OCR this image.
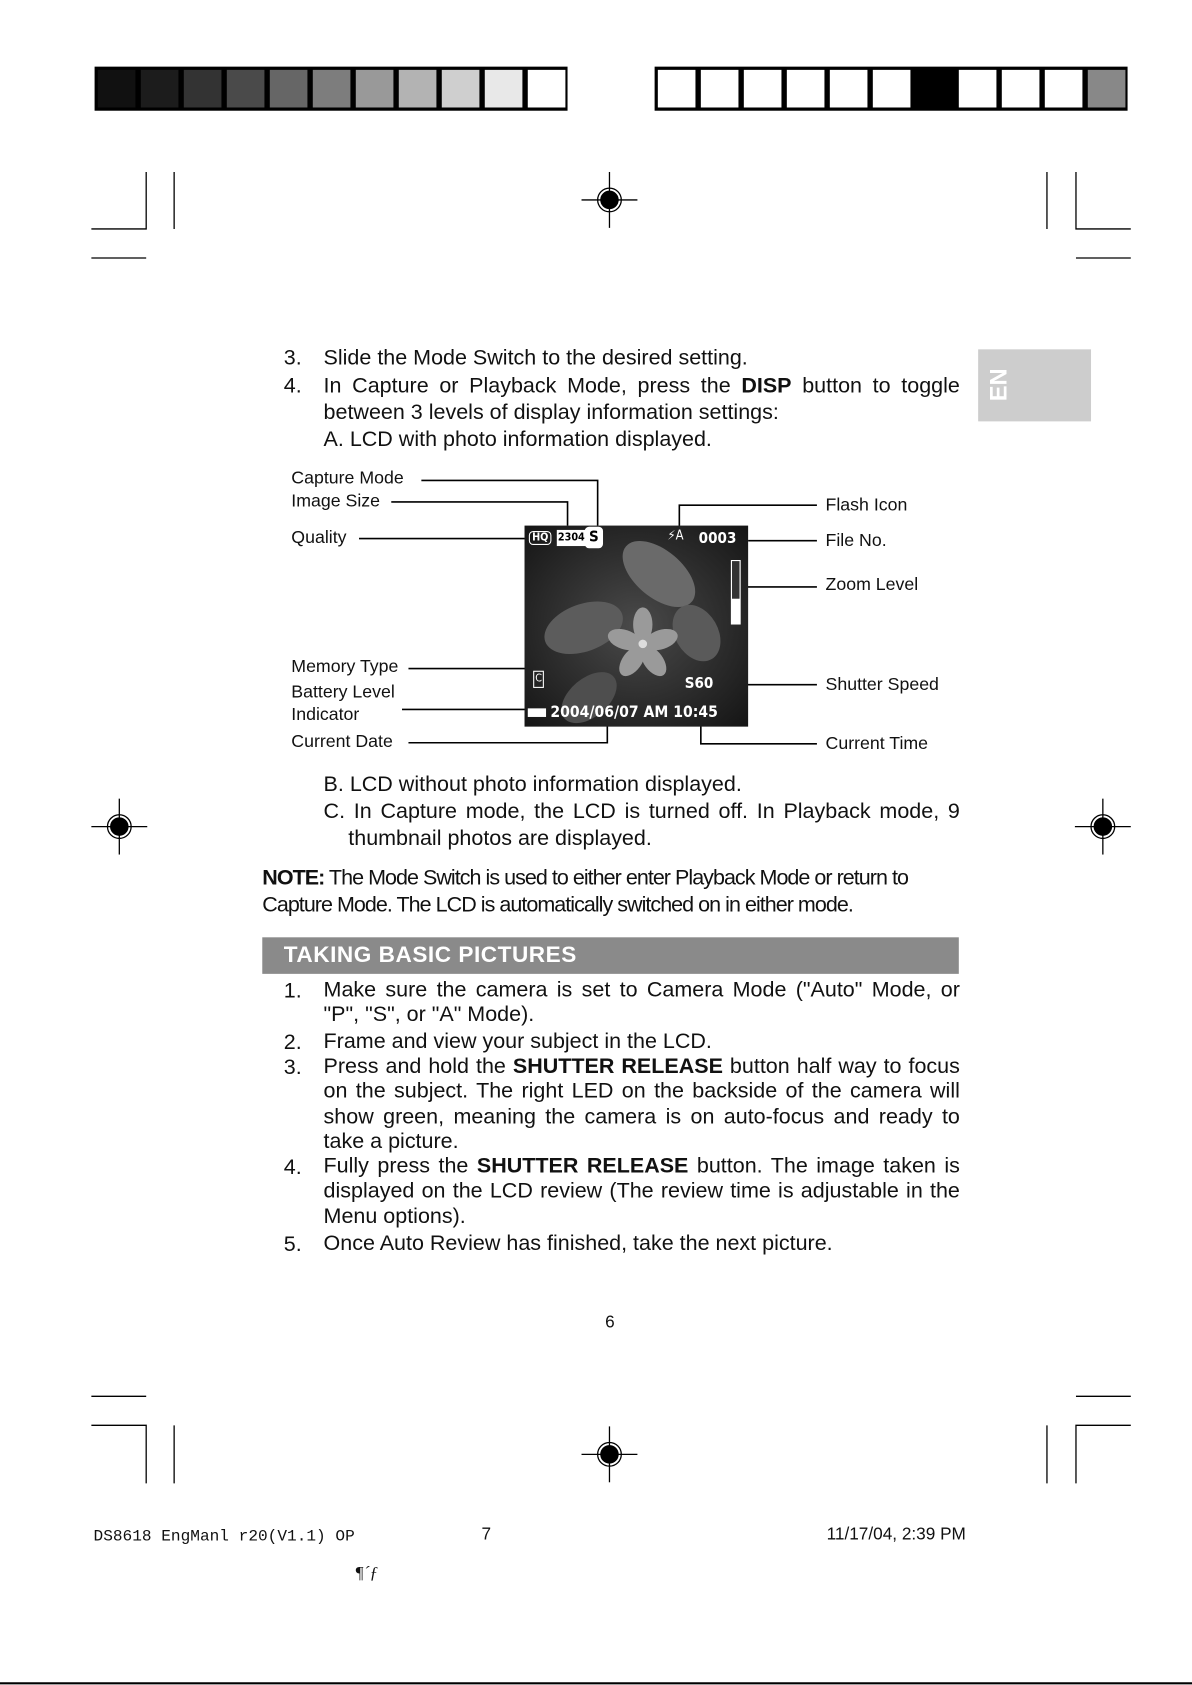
EN
3. Slide the Mode Switch to the desired setting.
4. In Capture or Playback Mode, press the DISP button to toggle between 3 levels of display information settings:
A. LCD with photo information displayed.
B. LCD without photo information displayed.
C. In Capture mode, the LCD is turned off. In Playback mode, 9 thumbnail photos are displayed.
Capture Mode
Image Size
Quality
Memory Type
Battery Level
Indicator
Current Date
Flash Icon
File No.
Zoom Level
Shutter Speed
Current Time
HQ 2304 S	⚡A 0003
C	S60
2004/06/07 AM 10:45
NOTE: The Mode Switch is used to either enter Playback Mode or return to Capture Mode. The LCD is automatically switched on in either mode.
TAKING BASIC PICTURES
1. Make sure the camera is set to Camera Mode ("Auto" Mode, or "P", "S", or "A" Mode).
2. Frame and view your subject in the LCD.
3. Press and hold the SHUTTER RELEASE button half way to focus on the subject. The right LED on the backside of the camera will show green, meaning the camera is on auto-focus and ready to take a picture.
4. Fully press the SHUTTER RELEASE button. The image taken is displayed on the LCD review (The review time is adjustable in the Menu options).
5. Once Auto Review has finished, take the next picture.
6
DS8618 EngManl r20(V1.1) OP	7	11/17/04, 2:39 PM
¶´ƒ
